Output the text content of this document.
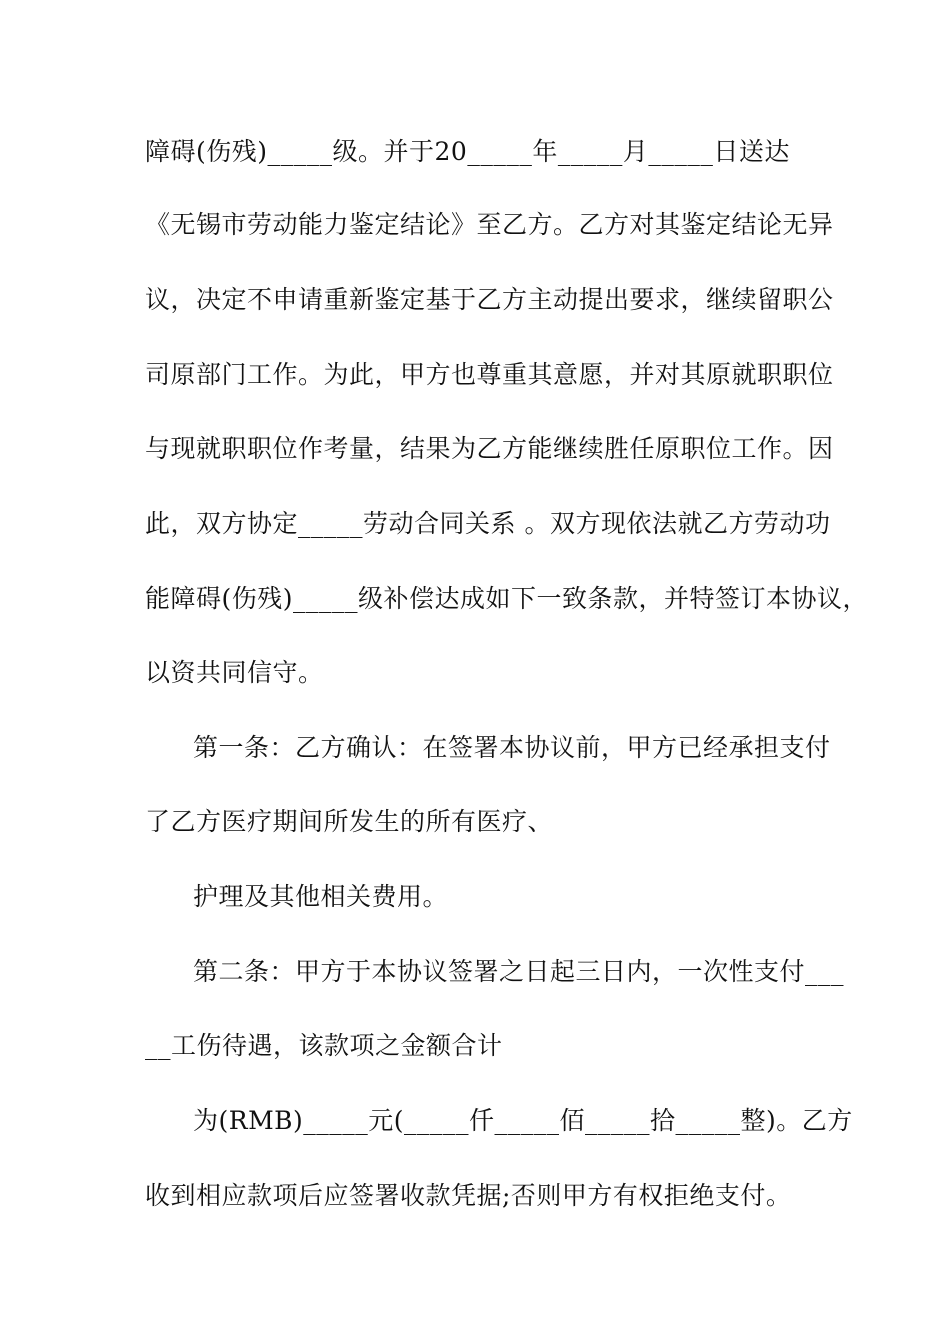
障碍(伤残)_____级。并于20_____年_____月_____日送达
《无锡市劳动能力鉴定结论》至乙方。乙方对其鉴定结论无异
议，决定不申请重新鉴定基于乙方主动提出要求，继续留职公
司原部门工作。为此，甲方也尊重其意愿，并对其原就职职位
与现就职职位作考量，结果为乙方能继续胜任原职位工作。因
此，双方协定_____劳动合同关系 。双方现依法就乙方劳动功
能障碍(伤残)_____级补偿达成如下一致条款，并特签订本协议，
以资共同信守。
第一条：乙方确认：在签署本协议前，甲方已经承担支付
了乙方医疗期间所发生的所有医疗、
护理及其他相关费用。
第二条：甲方于本协议签署之日起三日内，一次性支付___
__工伤待遇，该款项之金额合计
为(RMB)_____元(_____仟_____佰_____拾_____整)。乙方
收到相应款项后应签署收款凭据;否则甲方有权拒绝支付。
